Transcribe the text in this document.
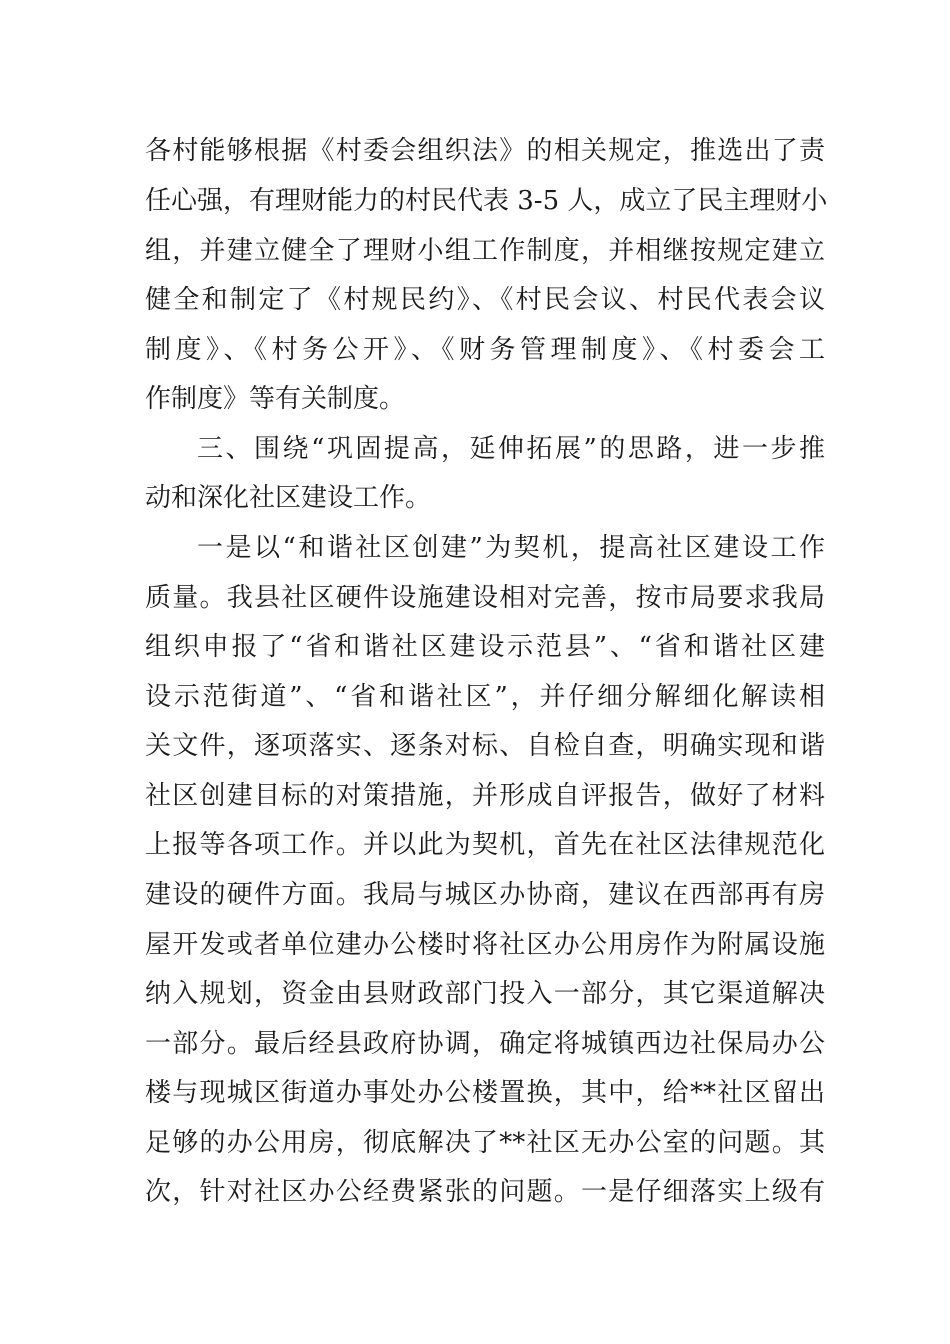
各村能够根据《村委会组织法》的相关规定，推选出了责
任心强，有理财能力的村民代表 3-5 人，成立了民主理财小
组，并建立健全了理财小组工作制度，并相继按规定建立
健全和制定了《村规民约》、《村民会议、村民代表会议
制度》、《村务公开》、《财务管理制度》、《村委会工
作制度》等有关制度。
三、围绕“巩固提高，延伸拓展”的思路，进一步推
动和深化社区建设工作。
一是以“和谐社区创建”为契机，提高社区建设工作
质量。我县社区硬件设施建设相对完善，按市局要求我局
组织申报了“省和谐社区建设示范县”、“省和谐社区建
设示范街道”、“省和谐社区”，并仔细分解细化解读相
关文件，逐项落实、逐条对标、自检自查，明确实现和谐
社区创建目标的对策措施，并形成自评报告，做好了材料
上报等各项工作。并以此为契机，首先在社区法律规范化
建设的硬件方面。我局与城区办协商，建议在西部再有房
屋开发或者单位建办公楼时将社区办公用房作为附属设施
纳入规划，资金由县财政部门投入一部分，其它渠道解决
一部分。最后经县政府协调，确定将城镇西边社保局办公
楼与现城区街道办事处办公楼置换，其中，给**社区留出
足够的办公用房，彻底解决了**社区无办公室的问题。其
次，针对社区办公经费紧张的问题。一是仔细落实上级有
